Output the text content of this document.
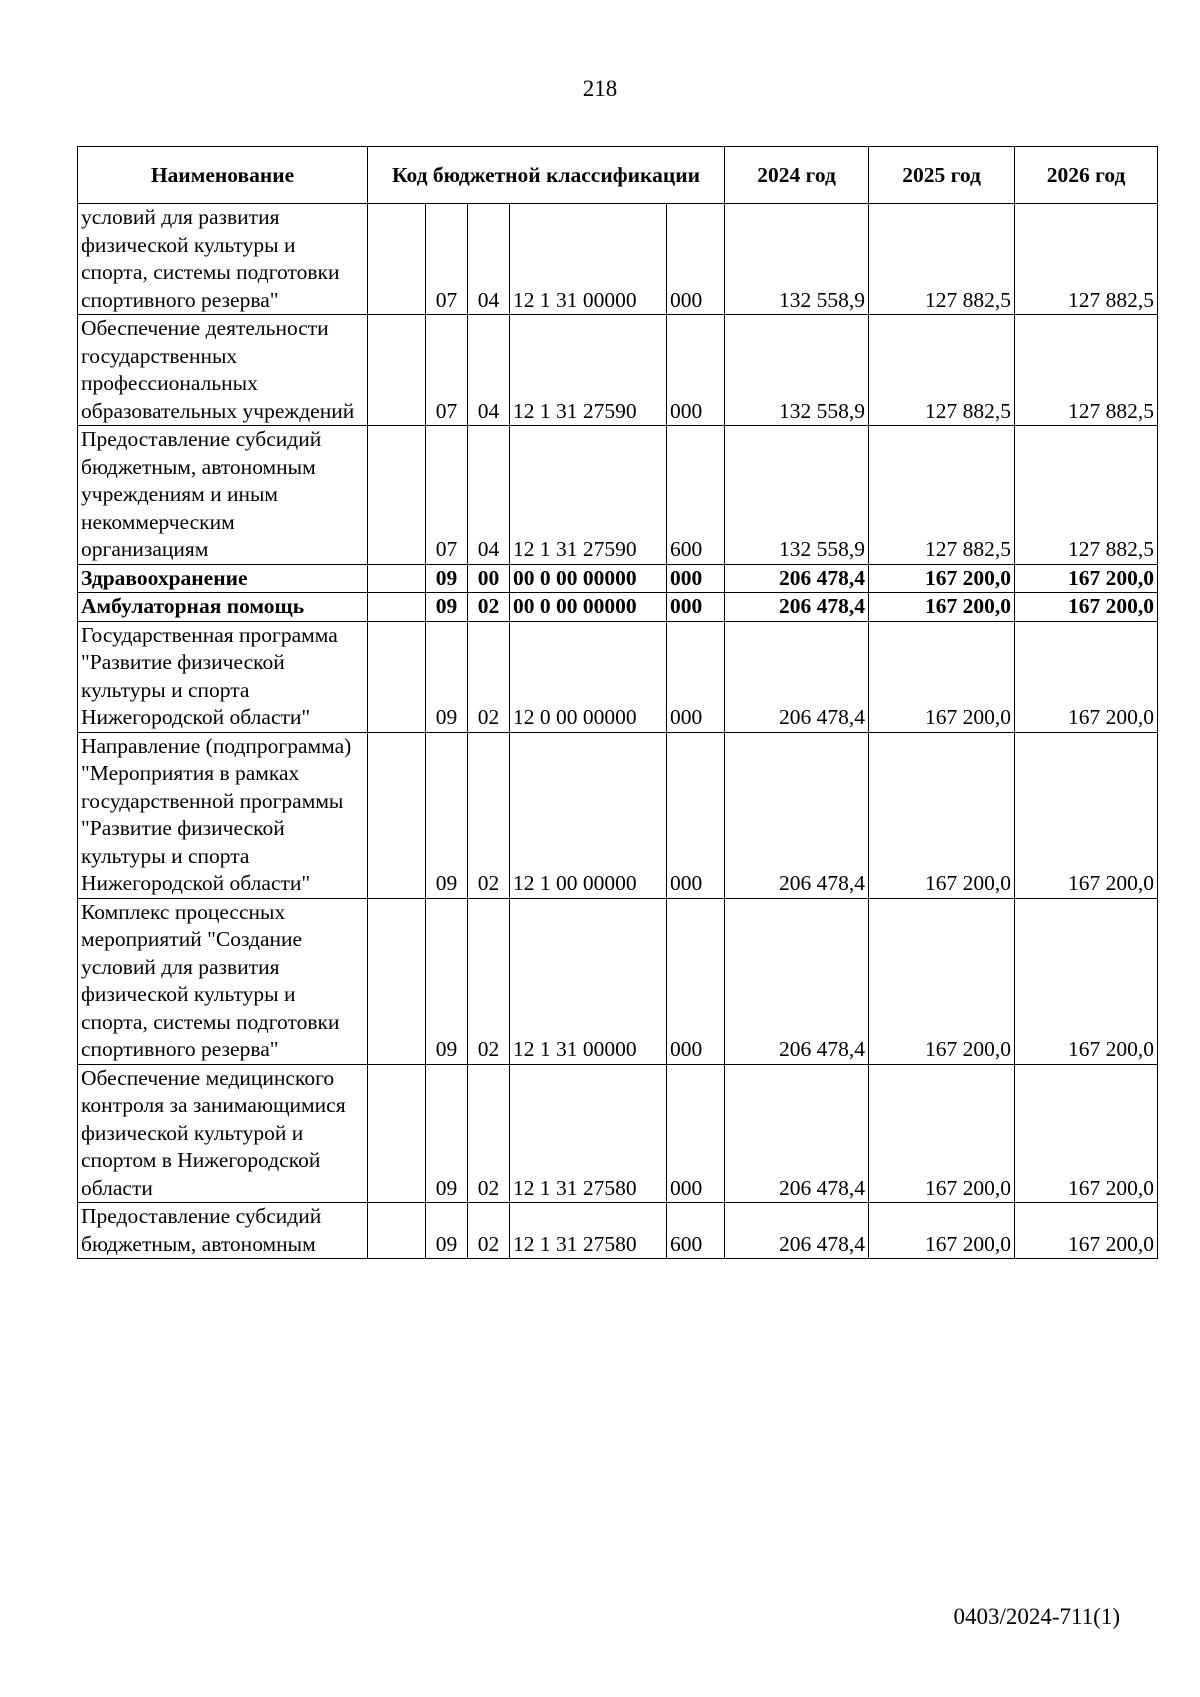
218
Наименование	Код бюджетной классификации					2024 год	2025 год	2026 год
условий для развития физической культуры и спорта, системы подготовки спортивного резерва"		07	04	12 1 31 00000	000	132 558,9	127 882,5	127 882,5
Обеспечение деятельности государственных профессиональных образовательных учреждений		07	04	12 1 31 27590	000	132 558,9	127 882,5	127 882,5
Предоставление субсидий бюджетным, автономным учреждениям и иным некоммерческим организациям		07	04	12 1 31 27590	600	132 558,9	127 882,5	127 882,5
Здравоохранение		09	00	00 0 00 00000	000	206 478,4	167 200,0	167 200,0
Амбулаторная помощь		09	02	00 0 00 00000	000	206 478,4	167 200,0	167 200,0
Государственная программа "Развитие физической культуры и спорта Нижегородской области"		09	02	12 0 00 00000	000	206 478,4	167 200,0	167 200,0
Направление (подпрограмма) "Мероприятия в рамках государственной программы "Развитие физической культуры и спорта Нижегородской области"		09	02	12 1 00 00000	000	206 478,4	167 200,0	167 200,0
Комплекс процессных мероприятий "Создание условий для развития физической культуры и спорта, системы подготовки спортивного резерва"		09	02	12 1 31 00000	000	206 478,4	167 200,0	167 200,0
Обеспечение медицинского контроля за занимающимися физической культурой и спортом в Нижегородской области		09	02	12 1 31 27580	000	206 478,4	167 200,0	167 200,0
Предоставление субсидий бюджетным, автономным		09	02	12 1 31 27580	600	206 478,4	167 200,0	167 200,0
0403/2024-711(1)
